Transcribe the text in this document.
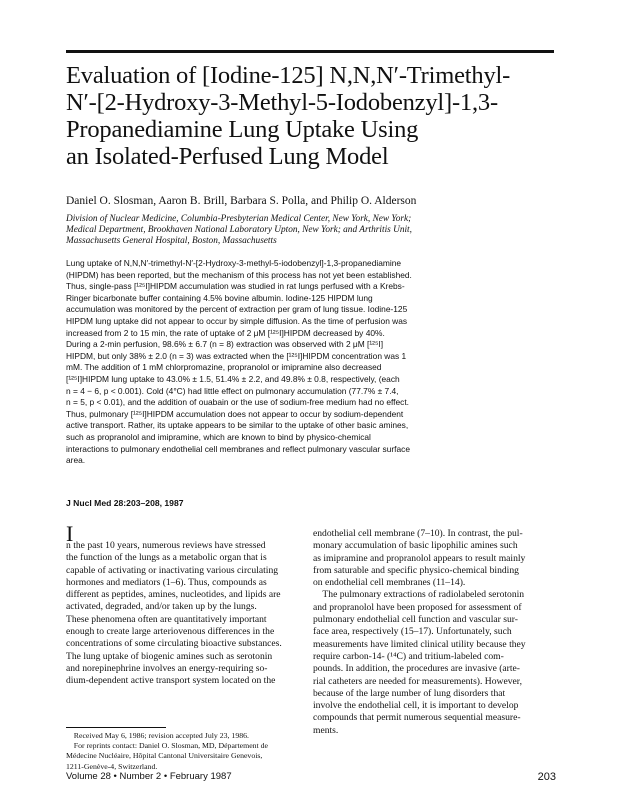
Evaluation of [Iodine-125] N,N,N′-Trimethyl-
N′-[2-Hydroxy-3-Methyl-5-Iodobenzyl]-1,3-
Propanediamine Lung Uptake Using
an Isolated-Perfused Lung Model
Daniel O. Slosman, Aaron B. Brill, Barbara S. Polla, and Philip O. Alderson
Division of Nuclear Medicine, Columbia-Presbyterian Medical Center, New York, New York;
Medical Department, Brookhaven National Laboratory Upton, New York; and Arthritis Unit,
Massachusetts General Hospital, Boston, Massachusetts
Lung uptake of N,N,N′-trimethyl-N′-[2-Hydroxy-3-methyl-5-iodobenzyl]-1,3-propanediamine
(HIPDM) has been reported, but the mechanism of this process has not yet been established.
Thus, single-pass [¹²⁵I]HIPDM accumulation was studied in rat lungs perfused with a Krebs-
Ringer bicarbonate buffer containing 4.5% bovine albumin. Iodine-125 HIPDM lung
accumulation was monitored by the percent of extraction per gram of lung tissue. Iodine-125
HIPDM lung uptake did not appear to occur by simple diffusion. As the time of perfusion was
increased from 2 to 15 min, the rate of uptake of 2 μM [¹²⁵I]HIPDM decreased by 40%.
During a 2-min perfusion, 98.6% ± 6.7 (n = 8) extraction was observed with 2 μM [¹²⁵I]
HIPDM, but only 38% ± 2.0 (n = 3) was extracted when the [¹²⁵I]HIPDM concentration was 1
mM. The addition of 1 mM chlorpromazine, propranolol or imipramine also decreased
[¹²⁵I]HIPDM lung uptake to 43.0% ± 1.5, 51.4% ± 2.2, and 49.8% ± 0.8, respectively, (each
n = 4 − 6, p < 0.001). Cold (4°C) had little effect on pulmonary accumulation (77.7% ± 7.4,
n = 5, p < 0.01), and the addition of ouabain or the use of sodium-free medium had no effect.
Thus, pulmonary [¹²⁵I]HIPDM accumulation does not appear to occur by sodium-dependent
active transport. Rather, its uptake appears to be similar to the uptake of other basic amines,
such as propranolol and imipramine, which are known to bind by physico-chemical
interactions to pulmonary endothelial cell membranes and reflect pulmonary vascular surface
area.
J Nucl Med 28:203–208, 1987
I
n the past 10 years, numerous reviews have stressed
the function of the lungs as a metabolic organ that is
capable of activating or inactivating various circulating
hormones and mediators (1–6). Thus, compounds as
different as peptides, amines, nucleotides, and lipids are
activated, degraded, and/or taken up by the lungs.
These phenomena often are quantitatively important
enough to create large arteriovenous differences in the
concentrations of some circulating bioactive substances.
The lung uptake of biogenic amines such as serotonin
and norepinephrine involves an energy-requiring so-
dium-dependent active transport system located on the
endothelial cell membrane (7–10). In contrast, the pul-
monary accumulation of basic lipophilic amines such
as imipramine and propranolol appears to result mainly
from saturable and specific physico-chemical binding
on endothelial cell membranes (11–14).
The pulmonary extractions of radiolabeled serotonin
and propranolol have been proposed for assessment of
pulmonary endothelial cell function and vascular sur-
face area, respectively (15–17). Unfortunately, such
measurements have limited clinical utility because they
require carbon-14- (¹⁴C) and tritium-labeled com-
pounds. In addition, the procedures are invasive (arte-
rial catheters are needed for measurements). However,
because of the large number of lung disorders that
involve the endothelial cell, it is important to develop
compounds that permit numerous sequential measure-
ments.
Received May 6, 1986; revision accepted July 23, 1986.
For reprints contact: Daniel O. Slosman, MD, Département de
Médecine Nucléaire, Hôpital Cantonal Universitaire Genevois,
1211-Genève-4, Switzerland.
Volume 28 • Number 2 • February 1987	203
